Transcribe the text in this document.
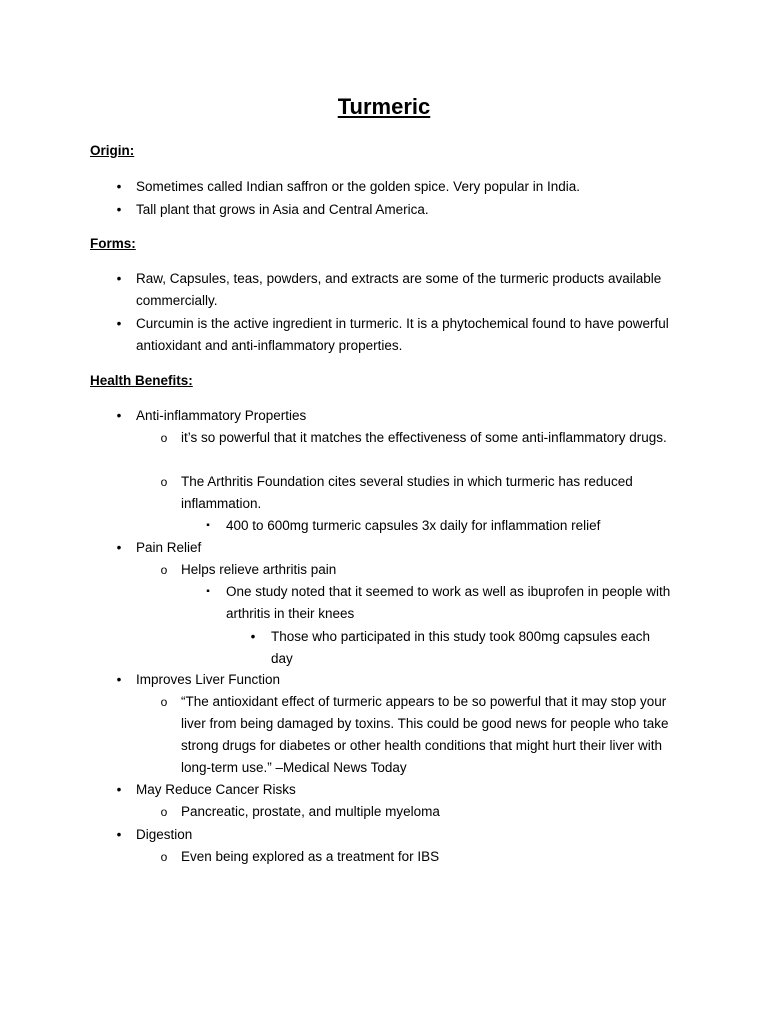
Turmeric
Origin:
•	Sometimes called Indian saffron or the golden spice. Very popular in India.
•	Tall plant that grows in Asia and Central America.
Forms:
•	Raw, Capsules, teas, powders, and extracts are some of the turmeric products available commercially.
•	Curcumin is the active ingredient in turmeric. It is a phytochemical found to have powerful antioxidant and anti-inflammatory properties.
Health Benefits:
•	Anti-inflammatory Properties
o it’s so powerful that it matches the effectiveness of some anti-inflammatory drugs.
o The Arthritis Foundation cites several studies in which turmeric has reduced inflammation.
▪	400 to 600mg turmeric capsules 3x daily for inflammation relief
•	Pain Relief
o Helps relieve arthritis pain
▪	One study noted that it seemed to work as well as ibuprofen in people with arthritis in their knees
•	Those who participated in this study took 800mg capsules each day
•	Improves Liver Function
o “The antioxidant effect of turmeric appears to be so powerful that it may stop your liver from being damaged by toxins. This could be good news for people who take strong drugs for diabetes or other health conditions that might hurt their liver with long-term use.” –Medical News Today
•	May Reduce Cancer Risks
o Pancreatic, prostate, and multiple myeloma
•	Digestion
o Even being explored as a treatment for IBS
